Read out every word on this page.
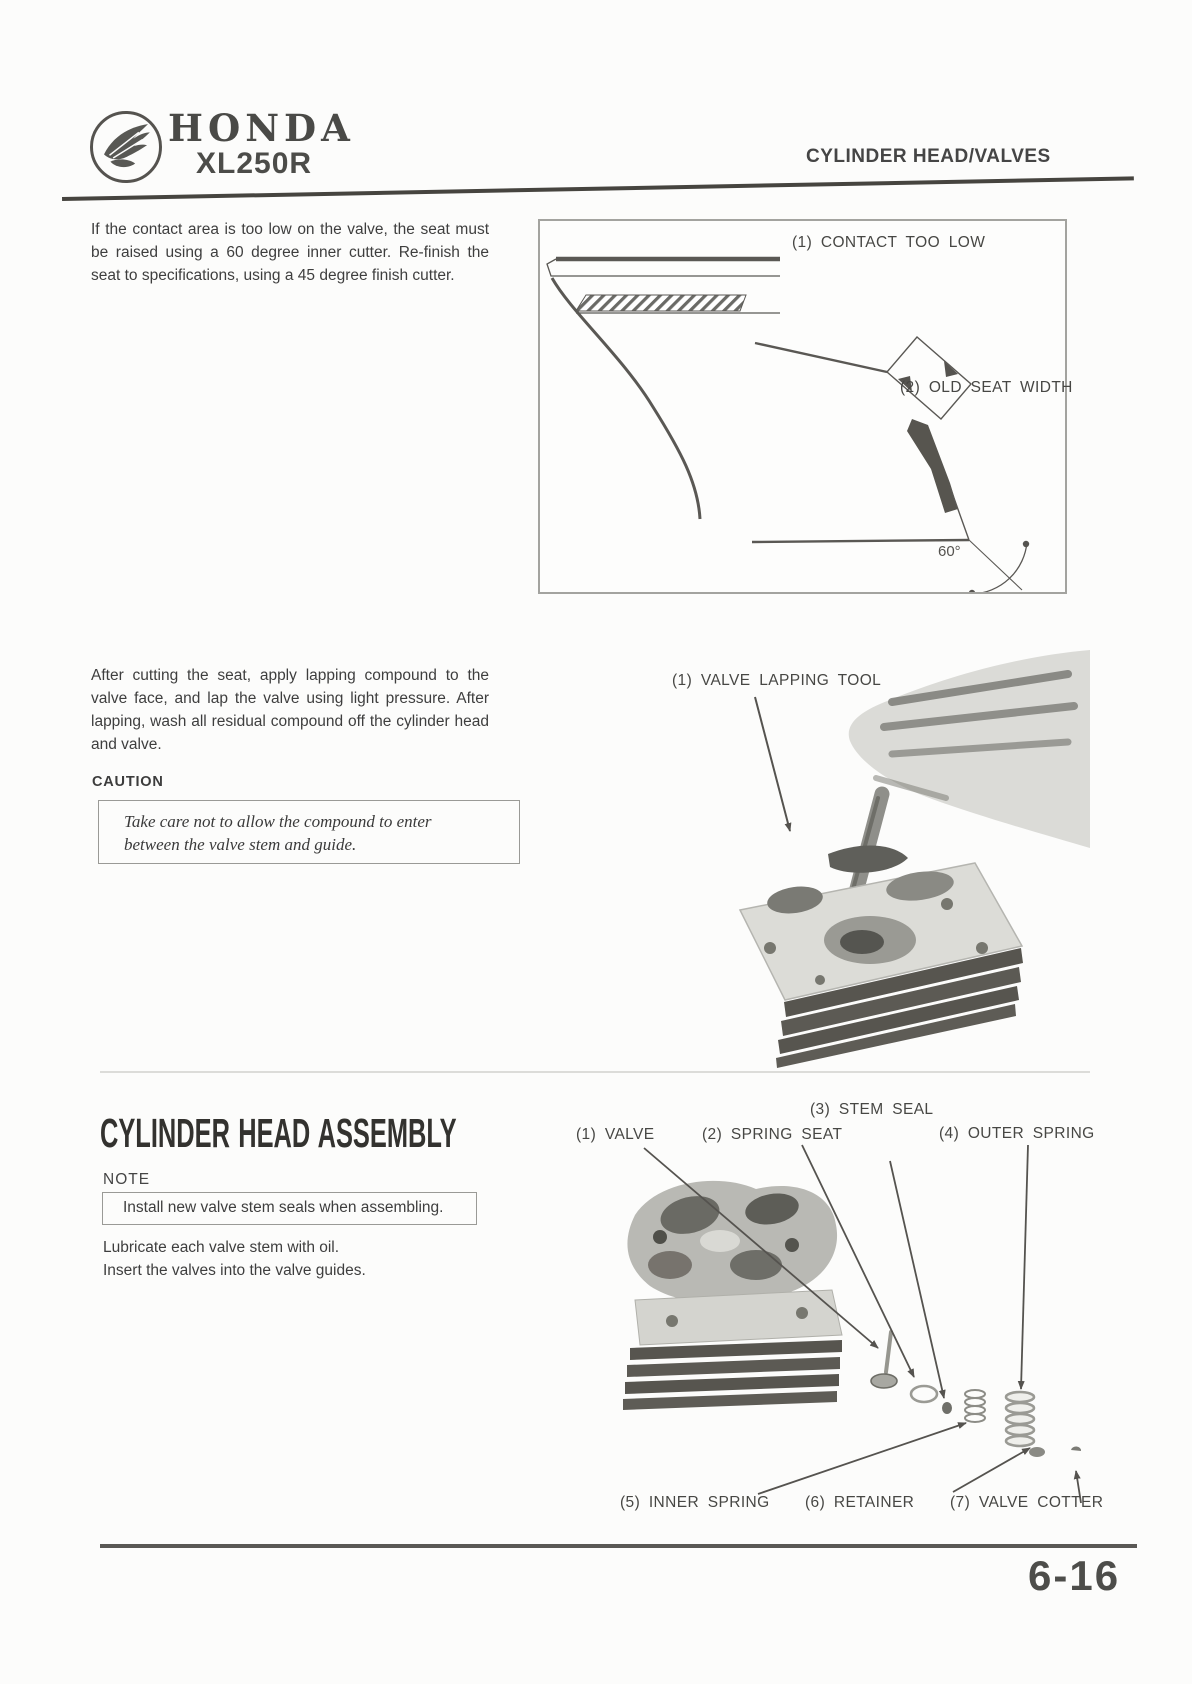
HONDA
XL250R	CYLINDER HEAD/VALVES
If the contact area is too low on the valve, the seat must be raised using a 60 degree inner cutter. Re-finish the seat to specifications, using a 45 degree finish cutter.
(1) CONTACT TOO LOW
(2) OLD SEAT WIDTH
60°
After cutting the seat, apply lapping compound to the valve face, and lap the valve using light pressure. After lapping, wash all residual compound off the cylinder head and valve.
CAUTION
Take care not to allow the compound to enter between the valve stem and guide.
(1) VALVE LAPPING TOOL
CYLINDER HEAD ASSEMBLY
NOTE
Install new valve stem seals when assembling.
Lubricate each valve stem with oil.
Insert the valves into the valve guides.
(1) VALVE	(2) SPRING SEAT
(3) STEM SEAL
(4) OUTER SPRING
(5) INNER SPRING (6) RETAINER (7) VALVE COTTER
6-16
